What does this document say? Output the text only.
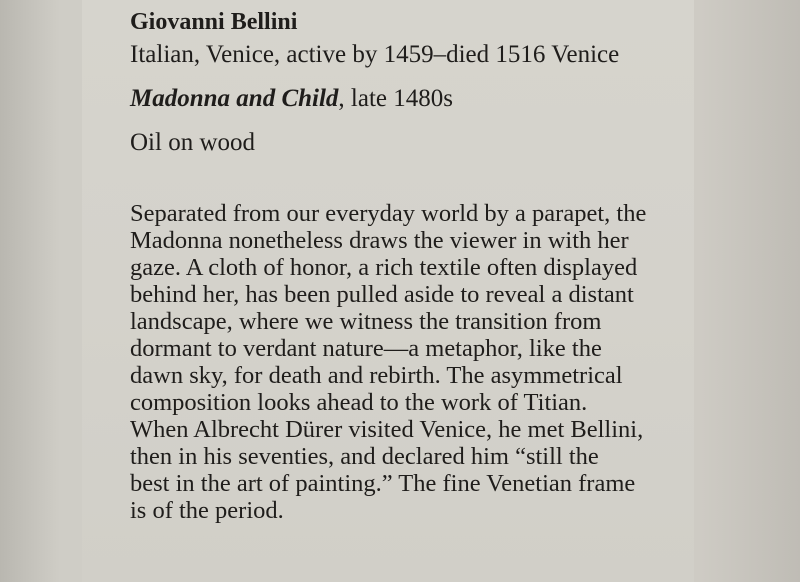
Giovanni Bellini

Italian, Venice, active by 1459–died 1516 Venice

Madonna and Child, late 1480s

Oil on wood

Separated from our everyday world by a parapet, the
Madonna nonetheless draws the viewer in with her
gaze. A cloth of honor, a rich textile often displayed
behind her, has been pulled aside to reveal a distant
landscape, where we witness the transition from
dormant to verdant nature—a metaphor, like the
dawn sky, for death and rebirth. The asymmetrical
composition looks ahead to the work of Titian.
When Albrecht Dürer visited Venice, he met Bellini,
then in his seventies, and declared him “still the
best in the art of painting.” The fine Venetian frame
is of the period.
